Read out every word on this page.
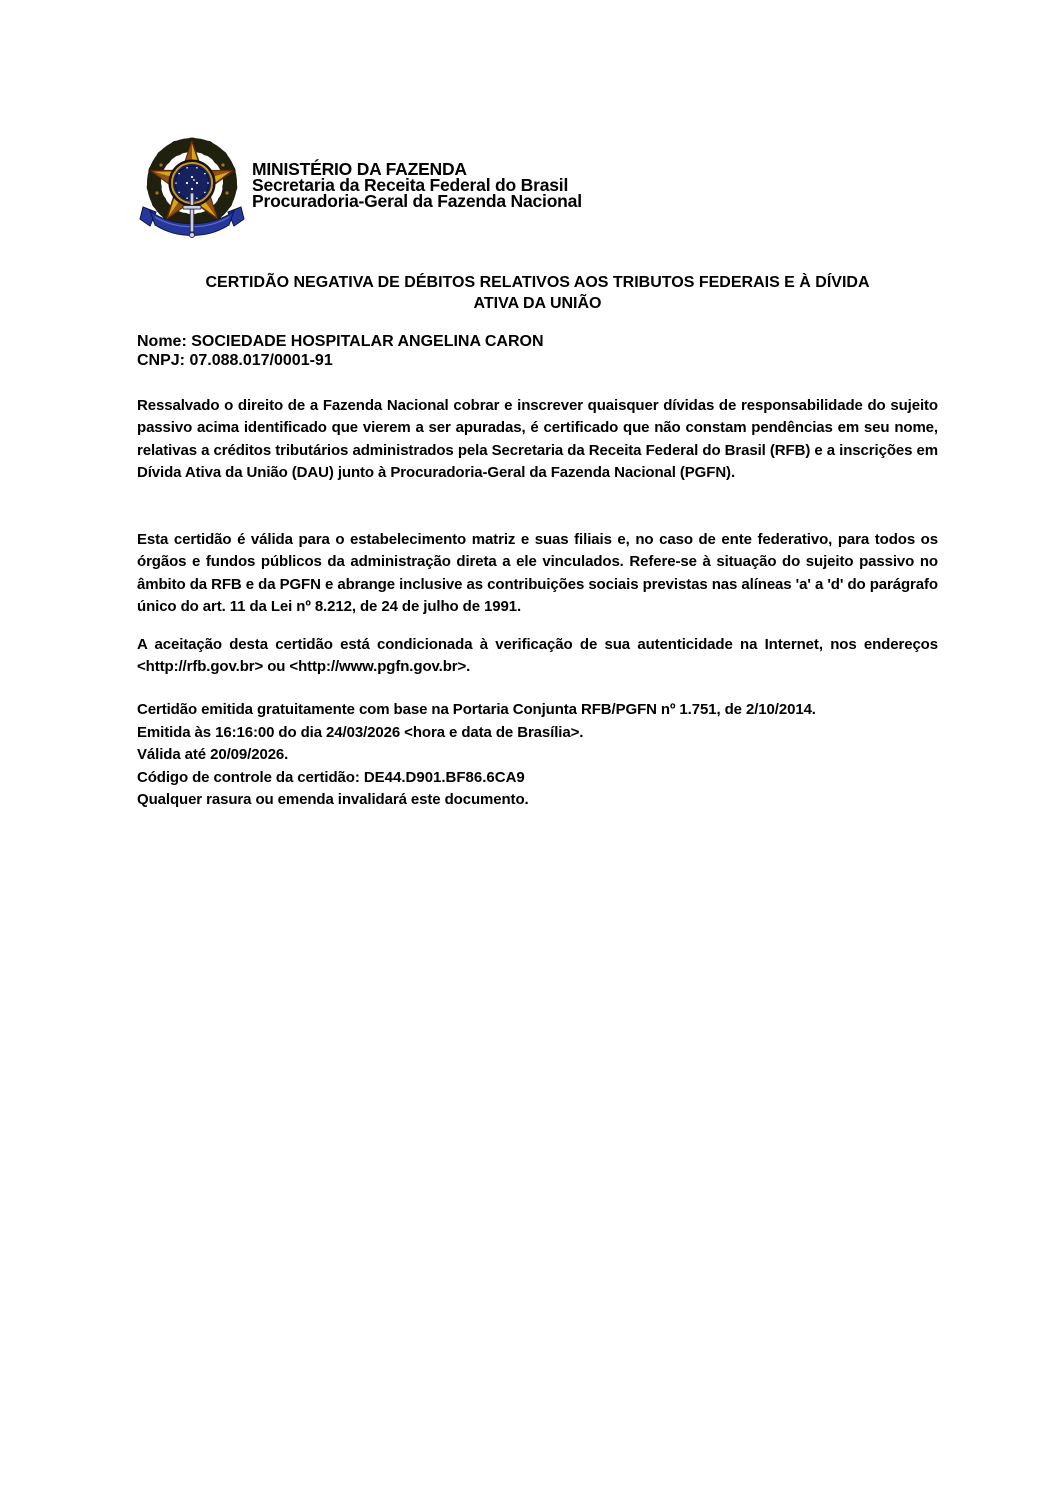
MINISTÉRIO DA FAZENDA
Secretaria da Receita Federal do Brasil
Procuradoria-Geral da Fazenda Nacional
CERTIDÃO NEGATIVA DE DÉBITOS RELATIVOS AOS TRIBUTOS FEDERAIS E À DÍVIDA
ATIVA DA UNIÃO
Nome: SOCIEDADE HOSPITALAR ANGELINA CARON
CNPJ: 07.088.017/0001-91

Ressalvado o direito de a Fazenda Nacional cobrar e inscrever quaisquer dívidas de responsabilidade do sujeito passivo acima identificado que vierem a ser apuradas, é certificado que não constam pendências em seu nome, relativas a créditos tributários administrados pela Secretaria da Receita Federal do Brasil (RFB) e a inscrições em Dívida Ativa da União (DAU) junto à Procuradoria-Geral da Fazenda Nacional (PGFN).

Esta certidão é válida para o estabelecimento matriz e suas filiais e, no caso de ente federativo, para todos os órgãos e fundos públicos da administração direta a ele vinculados. Refere-se à situação do sujeito passivo no âmbito da RFB e da PGFN e abrange inclusive as contribuições sociais previstas nas alíneas 'a' a 'd' do parágrafo único do art. 11 da Lei nº 8.212, de 24 de julho de 1991.

A aceitação desta certidão está condicionada à verificação de sua autenticidade na Internet, nos endereços <http://rfb.gov.br> ou <http://www.pgfn.gov.br>.

Certidão emitida gratuitamente com base na Portaria Conjunta RFB/PGFN nº 1.751, de 2/10/2014.
Emitida às 16:16:00 do dia 24/03/2026 <hora e data de Brasília>.
Válida até 20/09/2026.
Código de controle da certidão: DE44.D901.BF86.6CA9
Qualquer rasura ou emenda invalidará este documento.
